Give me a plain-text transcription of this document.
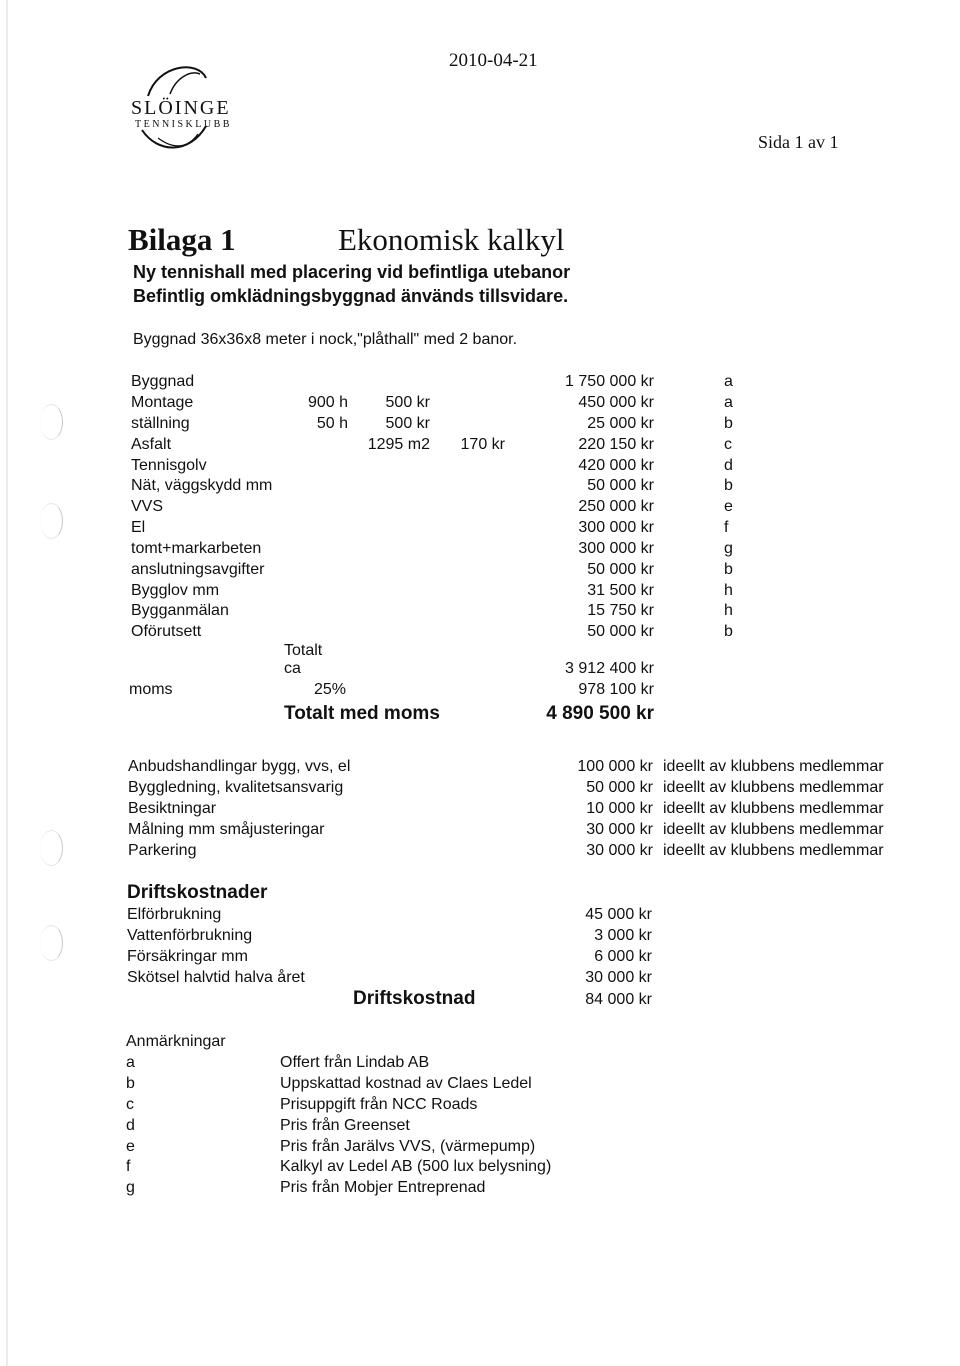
SLÖINGE
TENNISKLUBB
2010-04-21
Sida 1 av 1
Bilaga 1	Ekonomisk kalkyl
Ny tennishall med placering vid befintliga utebanor
Befintlig omklädningsbyggnad änvänds tillsvidare.
Byggnad 36x36x8 meter i nock,"plåthall" med 2 banor.
Byggnad	1 750 000 kr	a
Montage	900 h	500 kr	450 000 kr	a
ställning	50 h	500 kr	25 000 kr	b
Asfalt	1295 m2	170 kr	220 150 kr	c
Tennisgolv	420 000 kr	d
Nät, väggskydd mm	50 000 kr	b
VVS	250 000 kr	e
El	300 000 kr	f
tomt+markarbeten	300 000 kr	g
anslutningsavgifter	50 000 kr	b
Bygglov mm	31 500 kr	h
Bygganmälan	15 750 kr	h
Oförutsett	50 000 kr	b
Totalt
ca	3 912 400 kr
moms	25%	978 100 kr
Totalt med moms	4 890 500 kr
Anbudshandlingar bygg, vvs, el	100 000 kr ideellt av klubbens medlemmar
Byggledning, kvalitetsansvarig	50 000 kr ideellt av klubbens medlemmar
Besiktningar	10 000 kr ideellt av klubbens medlemmar
Målning mm småjusteringar	30 000 kr ideellt av klubbens medlemmar
Parkering	30 000 kr ideellt av klubbens medlemmar
Driftskostnader
Elförbrukning	45 000 kr
Vattenförbrukning	3 000 kr
Försäkringar mm	6 000 kr
Skötsel halvtid halva året	30 000 kr
Driftskostnad	84 000 kr
Anmärkningar
a	Offert från Lindab AB
b	Uppskattad kostnad av Claes Ledel
c	Prisuppgift från NCC Roads
d	Pris från Greenset
e	Pris från Jarälvs VVS, (värmepump)
f	Kalkyl av Ledel AB (500 lux belysning)
g	Pris från Mobjer Entreprenad
